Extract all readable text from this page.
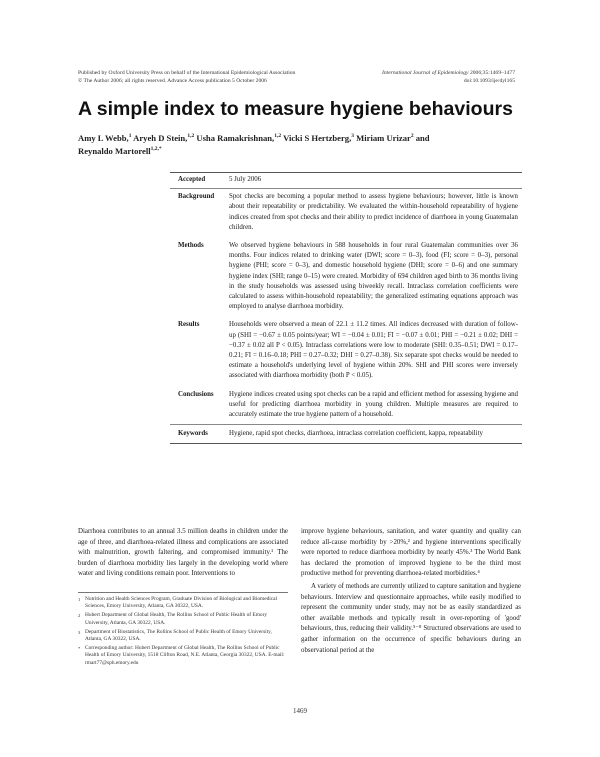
Published by Oxford University Press on behalf of the International Epidemiological Association
© The Author 2006; all rights reserved. Advance Access publication 5 October 2006
International Journal of Epidemiology 2006;35:1469–1477
doi:10.1093/ije/dyl165
A simple index to measure hygiene behaviours
Amy L Webb,$^1$ Aryeh D Stein,$^{1,2}$ Usha Ramakrishnan,$^{1,2}$ Vicki S Hertzberg,$^3$ Miriam Urizar$^2$ and
Reynaldo Martorell$^{1,2,*}$
Accepted	5 July 2006
Background	Spot checks are becoming a popular method to assess hygiene behaviours; however, little is known about their repeatability or predictability. We evaluated the within-household repeatability of hygiene indices created from spot checks and their ability to predict incidence of diarrhoea in young Guatemalan children.
Methods	We observed hygiene behaviours in 588 households in four rural Guatemalan communities over 36 months. Four indices related to drinking water (DWI; score = 0–3), food (FI; score = 0–3), personal hygiene (PHI; score = 0–3), and domestic household hygiene (DHI; score = 0–6) and one summary hygiene index (SHI; range 0–15) were created. Morbidity of 694 children aged birth to 36 months living in the study households was assessed using biweekly recall. Intraclass correlation coefficients were calculated to assess within-household repeatability; the generalized estimating equations approach was employed to analyse diarrhoea morbidity.
Results	Households were observed a mean of 22.1 ± 11.2 times. All indices decreased with duration of follow-up (SHI = −0.67 ± 0.05 points/year; WI = −0.04 ± 0.01; FI = −0.07 ± 0.01; PHI = −0.21 ± 0.02; DHI = −0.37 ± 0.02 all P < 0.05). Intraclass correlations were low to moderate (SHI: 0.35–0.51; DWI = 0.17–0.21; FI = 0.16–0.18; PHI = 0.27–0.32; DHI = 0.27–0.38). Six separate spot checks would be needed to estimate a household's underlying level of hygiene within 20%. SHI and PHI scores were inversely associated with diarrhoea morbidity (both P < 0.05).
Conclusions	Hygiene indices created using spot checks can be a rapid and efficient method for assessing hygiene and useful for predicting diarrhoea morbidity in young children. Multiple measures are required to accurately estimate the true hygiene pattern of a household.
Keywords	Hygiene, rapid spot checks, diarrhoea, intraclass correlation coefficient, kappa, repeatability

Diarrhoea contributes to an annual 3.5 million deaths in children under the age of three, and diarrhoea-related illness and complications are associated with malnutrition, growth faltering, and compromised immunity.¹ The burden of diarrhoea morbidity lies largely in the developing world where water and living conditions remain poor. Interventions to

1 Nutrition and Health Sciences Program, Graduate Division of Biological and Biomedical Sciences, Emory University, Atlanta, GA 30322, USA.
2 Hubert Department of Global Health, The Rollins School of Public Health of Emory University, Atlanta, GA 30322, USA.
3 Department of Biostatistics, The Rollins School of Public Health of Emory University, Atlanta, GA 30322, USA.
* Corresponding author: Hubert Department of Global Health, The Rollins School of Public Health of Emory University, 1518 Clifton Road, N.E. Atlanta, Georgia 30322, USA. E-mail: rmart77@sph.emory.edu

improve hygiene behaviours, sanitation, and water quantity and quality can reduce all-cause morbidity by >20%,² and hygiene interventions specifically were reported to reduce diarrhoea morbidity by nearly 45%.³ The World Bank has declared the promotion of improved hygiene to be the third most productive method for preventing diarrhoea-related morbidities.⁴

A variety of methods are currently utilized to capture sanitation and hygiene behaviours. Interview and questionnaire approaches, while easily modified to represent the community under study, may not be as easily standardized as other available methods and typically result in over-reporting of 'good' behaviours, thus, reducing their validity.⁵⁻⁸ Structured observations are used to gather information on the occurrence of specific behaviours during an observational period at the

1469
